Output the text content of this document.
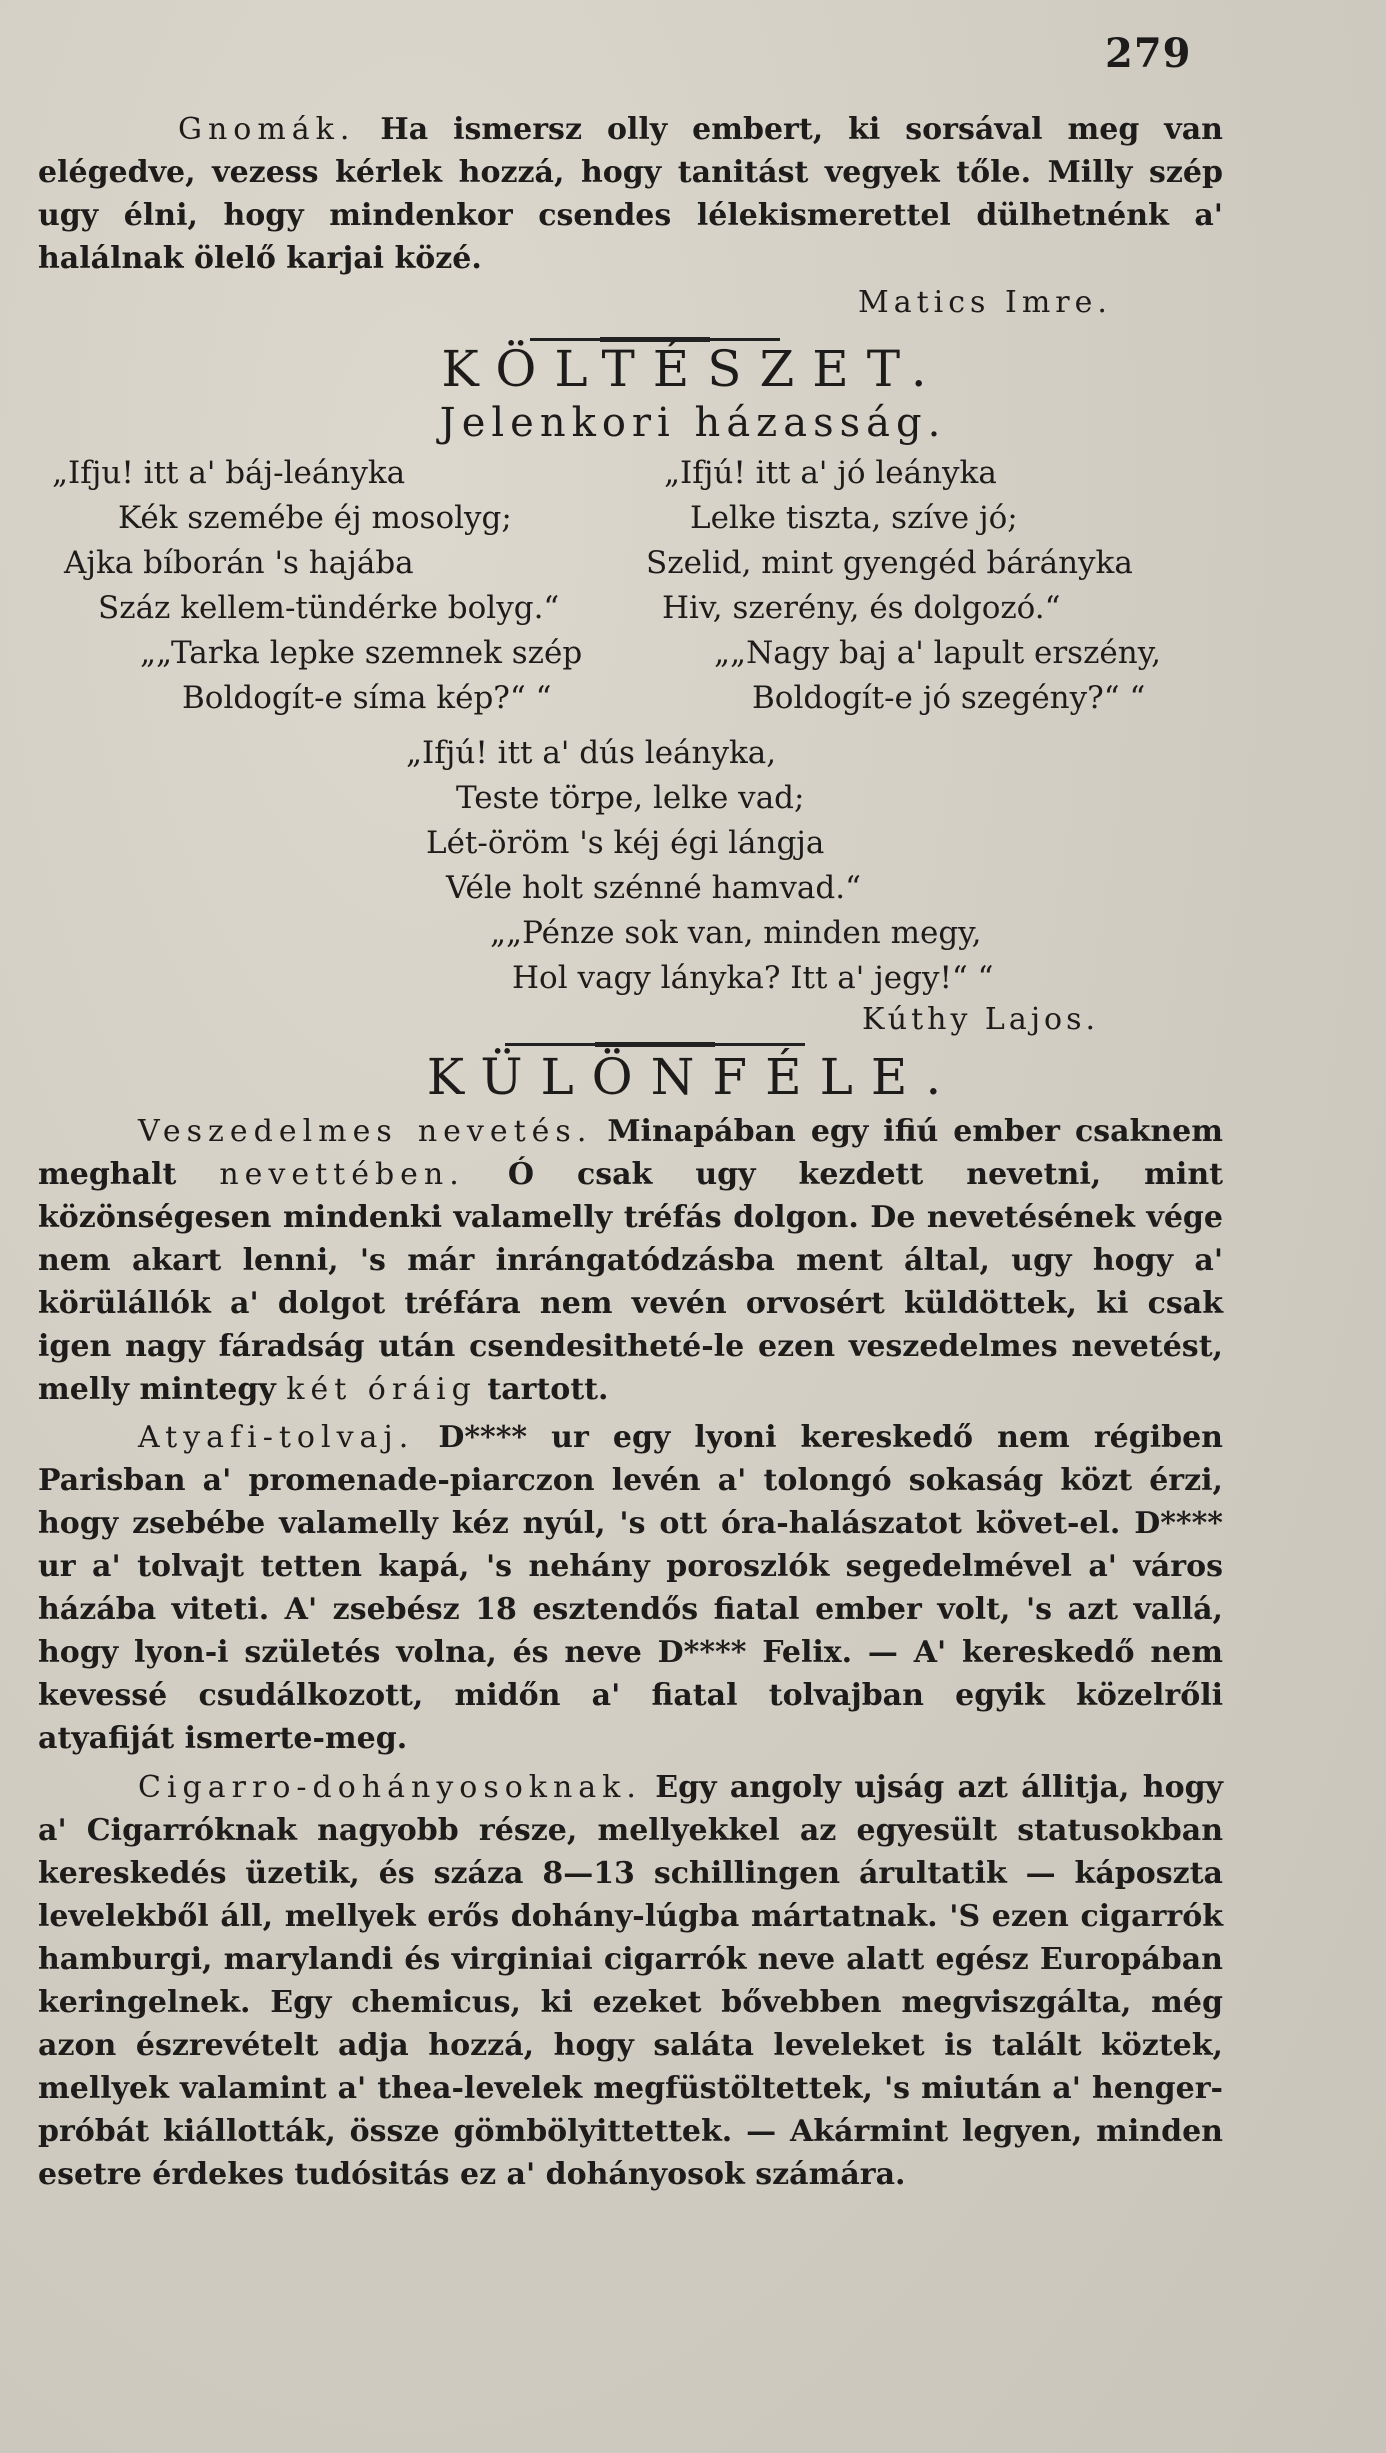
279

Gnomák. Ha ismersz olly embert, ki sorsával meg van elégedve, vezess kérlek hozzá, hogy tanitást vegyek tőle. Milly szép ugy élni, hogy mindenkor csendes lélekismerettel dülhetnénk a' halálnak ölelő karjai közé.

Matics Imre.
KÖLTÉSZET.
Jelenkori házasság.
„Ifju! itt a' báj-leányka
Kék szemébe éj mosolyg;
Ajka bíborán 's hajába
Száz kellem-tündérke bolyg.“
„„Tarka lepke szemnek szép
Boldogít-e síma kép?“ “
„Ifjú! itt a' jó leányka
Lelke tiszta, szíve jó;
Szelid, mint gyengéd bárányka
Hiv, szerény, és dolgozó.“
„„Nagy baj a' lapult erszény,
Boldogít-e jó szegény?“ “
„Ifjú! itt a' dús leányka,
Teste törpe, lelke vad;
Lét-öröm 's kéj égi lángja
Véle holt szénné hamvad.“
„„Pénze sok van, minden megy,
Hol vagy lányka? Itt a' jegy!“ “
Kúthy Lajos.
KÜLÖNFÉLE.

Veszedelmes nevetés. Minapában egy ifiú ember csaknem meghalt nevettében. Ó csak ugy kezdett nevetni, mint közönségesen mindenki valamelly tréfás dolgon. De nevetésének vége nem akart lenni, 's már inrángatódzásba ment által, ugy hogy a' körülállók a' dolgot tréfára nem vevén orvosért küldöttek, ki csak igen nagy fáradság után csendesitheté-le ezen veszedelmes nevetést, melly mintegy két óráig tartott.

Atyafi-tolvaj. D**** ur egy lyoni kereskedő nem régiben Parisban a' promenade-piarczon levén a' tolongó sokaság közt érzi, hogy zsebébe valamelly kéz nyúl, 's ott óra-halászatot követ-el. D**** ur a' tolvajt tetten kapá, 's nehány poroszlók segedelmével a' város házába viteti. A' zsebész 18 esztendős fiatal ember volt, 's azt vallá, hogy lyon-i születés volna, és neve D**** Felix. — A' kereskedő nem kevessé csudálkozott, midőn a' fiatal tolvajban egyik közelrőli atyafiját ismerte-meg.

Cigarro-dohányosoknak. Egy angoly ujság azt állitja, hogy a' Cigarróknak nagyobb része, mellyekkel az egyesült statusokban kereskedés üzetik, és száza 8—13 schillingen árultatik — káposzta levelekből áll, mellyek erős dohány-lúgba mártatnak. 'S ezen cigarrók hamburgi, marylandi és virginiai cigarrók neve alatt egész Europában keringelnek. Egy chemicus, ki ezeket bővebben megviszgálta, még azon észrevételt adja hozzá, hogy saláta leveleket is talált köztek, mellyek valamint a' thea-levelek megfüstöltettek, 's miután a' henger-próbát kiállották, össze gömbölyittettek. — Akármint legyen, minden esetre érdekes tudósitás ez a' dohányosok számára.
